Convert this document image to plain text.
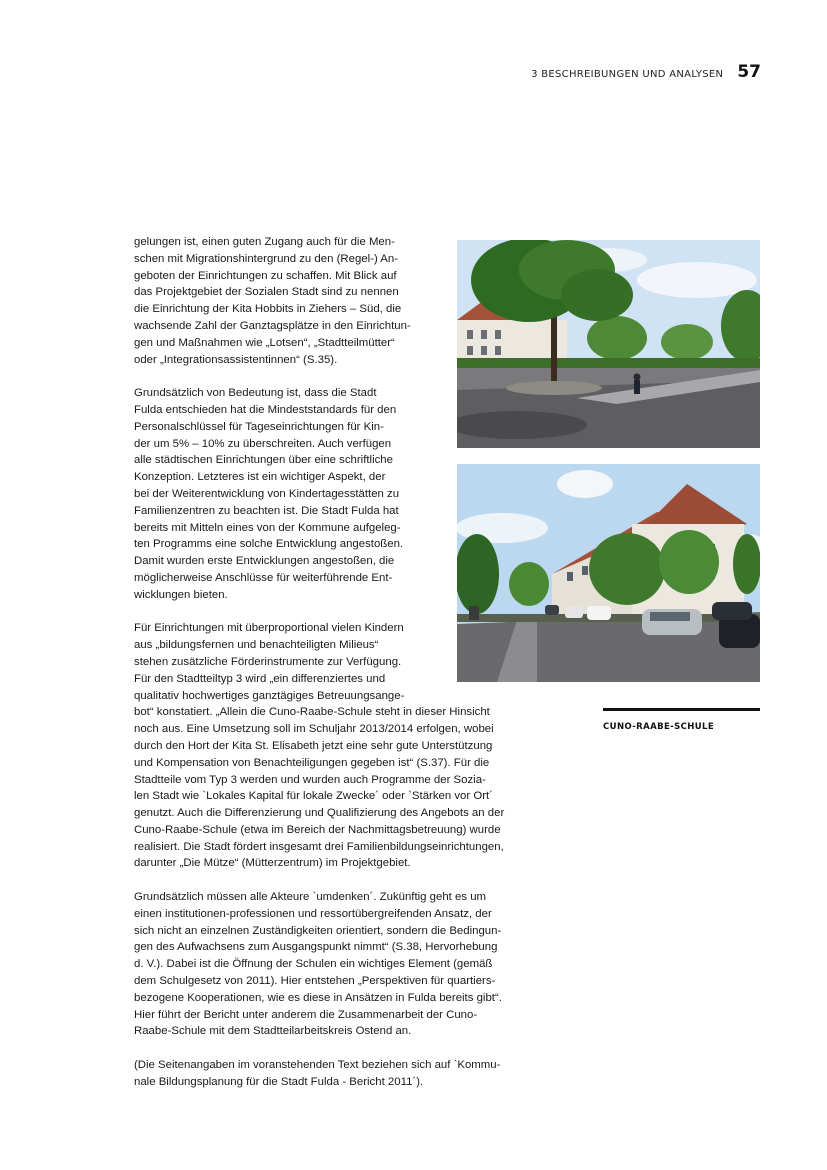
3 BESCHREIBUNGEN UND ANALYSEN 57
CUNO-RAABE-SCHULE
gelungen ist, einen guten Zugang auch für die Men-
schen mit Migrationshintergrund zu den (Regel-) An-
geboten der Einrichtungen zu schaffen. Mit Blick auf
das Projektgebiet der Sozialen Stadt sind zu nennen
die Einrichtung der Kita Hobbits in Ziehers – Süd, die
wachsende Zahl der Ganztagsplätze in den Einrichtun-
gen und Maßnahmen wie „Lotsen“, „Stadtteilmütter“
oder „Integrationsassistentinnen“ (S.35).
Grundsätzlich von Bedeutung ist, dass die Stadt
Fulda entschieden hat die Mindeststandards für den
Personalschlüssel für Tageseinrichtungen für Kin-
der um 5% – 10% zu überschreiten. Auch verfügen
alle städtischen Einrichtungen über eine schriftliche
Konzeption. Letzteres ist ein wichtiger Aspekt, der
bei der Weiterentwicklung von Kindertagesstätten zu
Familienzentren zu beachten ist. Die Stadt Fulda hat
bereits mit Mitteln eines von der Kommune aufgeleg-
ten Programms eine solche Entwicklung angestoßen.
Damit wurden erste Entwicklungen angestoßen, die
möglicherweise Anschlüsse für weiterführende Ent-
wicklungen bieten.
Für Einrichtungen mit überproportional vielen Kindern
aus „bildungsfernen und benachteiligten Milieus“
stehen zusätzliche Förderinstrumente zur Verfügung.
Für den Stadtteiltyp 3 wird „ein differenziertes und
qualitativ hochwertiges ganztägiges Betreuungsange-
bot“ konstatiert. „Allein die Cuno-Raabe-Schule steht in dieser Hinsicht
noch aus. Eine Umsetzung soll im Schuljahr 2013/2014 erfolgen, wobei
durch den Hort der Kita St. Elisabeth jetzt eine sehr gute Unterstützung
und Kompensation von Benachteiligungen gegeben ist“ (S.37). Für die
Stadtteile vom Typ 3 werden und wurden auch Programme der Sozia-
len Stadt wie `Lokales Kapital für lokale Zwecke´ oder `Stärken vor Ort´
genutzt. Auch die Differenzierung und Qualifizierung des Angebots an der
Cuno-Raabe-Schule (etwa im Bereich der Nachmittagsbetreuung) wurde
realisiert. Die Stadt fördert insgesamt drei Familienbildungseinrichtungen,
darunter „Die Mütze“ (Mütterzentrum) im Projektgebiet.
Grundsätzlich müssen alle Akteure `umdenken´. Zukünftig geht es um
einen institutionen-professionen und ressortübergreifenden Ansatz, der
sich nicht an einzelnen Zuständigkeiten orientiert, sondern die Bedingun-
gen des Aufwachsens zum Ausgangspunkt nimmt“ (S.38, Hervorhebung
d. V.). Dabei ist die Öffnung der Schulen ein wichtiges Element (gemäß
dem Schulgesetz von 2011). Hier entstehen „Perspektiven für quartiers-
bezogene Kooperationen, wie es diese in Ansätzen in Fulda bereits gibt“.
Hier führt der Bericht unter anderem die Zusammenarbeit der Cuno-
Raabe-Schule mit dem Stadtteilarbeitskreis Ostend an.
(Die Seitenangaben im voranstehenden Text beziehen sich auf `Kommu-
nale Bildungsplanung für die Stadt Fulda - Bericht 2011´).
